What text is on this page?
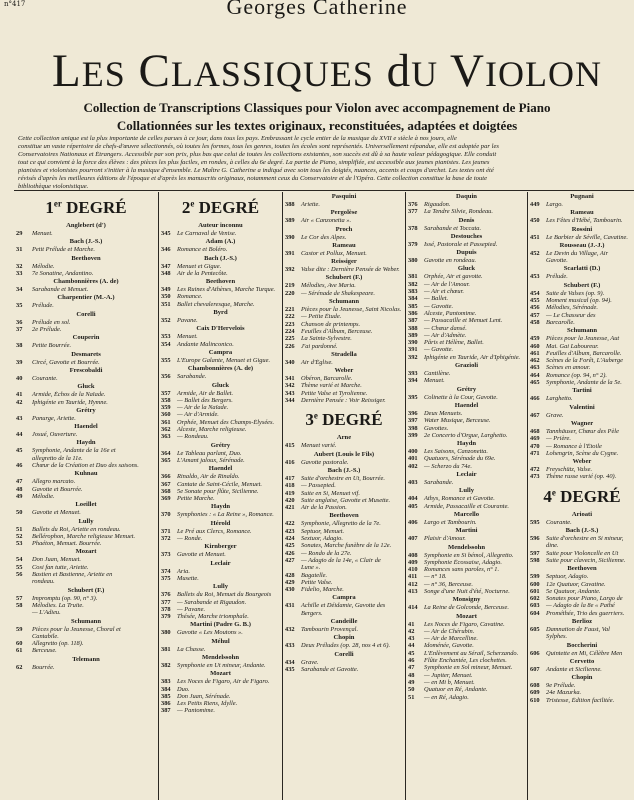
n°417	Georges Catherine
LES CLASSIQUES dU VIOLON
Collection de Transcriptions Classiques pour Violon avec accompagnement de Piano
Collationnées sur les textes originaux, reconstituées, adaptées et doigtées
Cette collection unique est la plus importante de celles parues à ce jour, dans tous les pays. Embrassant le cycle entier de la musique du XVII e siècle à nos jours, elle
constitue un vaste répertoire de chefs-d'œuvre sélectionnés, où toutes les formes, tous les genres, toutes les écoles sont représentés. Universellement répandue, elle est adoptée par les
Conservatoires Nationaux et Étrangers. Accessible par son prix, plus bas que celui de toutes les collections existantes, son succès est dû à sa haute valeur pédagogique. Elle conduit
tout ce qui convient à la force des élèves : des pièces les plus faciles, en rondes, à celles du 6e degré. La partie de Piano, simplifiée, est accessible aux jeunes pianistes. Les jeunes
pianistes et violonistes pourront s'initier à la musique d'ensemble. Le Maître G. Catherine a indiqué avec soin tous les doigtés, nuances, accents et coups d'archet. Les textes ont été
révisés d'après les meilleures éditions de l'époque et d'après les manuscrits originaux, notamment ceux du Conservatoire et de l'Opéra. Cette collection constitue la base de toute
bibliothèque violonistique.
1er DEGRÉ
Anglebert (d')
29 Menuet.
Bach (J.-S.)
31 Petit Prélude et Marche.
Beethoven
32 Mélodie.
33 7e Sonatine, Andantino.
Chambonnières (A. de)
34 Sarabande et Menuet.
Charpentier (M.-A.)
35 Prélude.
Corelli
36 Prélude en sol.
37 2e Prélude.
Couperin
38 Petite Bourrée.
Desmarets
39 Circé, Gavotte et Bourrée.
Frescobaldi
40 Courante.
Gluck
41 Armide, Échos de la Naïade.
42 Iphigénie en Tauride, Hymne.
Grétry
43 Panurge, Ariette.
Haendel
44 Josué, Ouverture.
Haydn
45 Symphonie, Andante de la 16e et
allegretto de la 11e.
46 Chœur de la Création et Duo des saisons.
Kuhnau
47 Allegro marcato.
48 Gavotte et Bourrée.
49 Mélodie.
Loeillet
50 Gavotte et Menuet.
Lully
51 Ballets du Roi, Ariette en rondeau.
52 Bellérophon, Marche religieuse Menuet.
53 Phaéton, Menuet. Bourrée.
Mozart
54 Don Juan, Menuet.
55 Cosi fan tutte, Ariette.
56 Bastien et Bastienne, Ariette en
rondeau.
Schubert (F.)
57 Impromptu (op. 90, n° 3).
58 Mélodies. La Truite.
— L'Adieu.
Schumann
59 Pièces pour la Jeunesse, Choral et
Cantabile.
60 Allegretto (op. 118).
61 Berceuse.
Telemann
62 Bourrée.
2e DEGRÉ
Auteur inconnu
345 Le Carnaval de Venise.
Adam (A.)
346 Romance et Boléro.
Bach (J.-S.)
347 Menuet et Gigue.
348 Air de la Pentecôte.
Beethoven
349 Les Ruines d'Athènes, Marche Turque.
350 Romance.
351 Ballet chevaleresque, Marche.
Byrd
352 Pavane.
Caix D'Hervelois
353 Menuet.
354 Andante Malinconico.
Campra
355 L'Europe Galante, Menuet et Gigue.
Chambonnières (A. de)
356 Sarabande.
Gluck
357 Armide, Air de Ballet.
358 — Ballet des Bergers.
359 — Air de la Naïade.
360 — Air d'Armide.
361 Orphée, Menuet des Champs-Élysées.
362 Alceste, Marche religieuse.
363 — Rondeau.
Grétry
364 Le Tableau parlant, Duo.
365 L'Amant jaloux, Sérénade.
Haendel
366 Rinaldo, Air de Rinaldo.
367 Cantate de Saint-Cécile, Menuet.
368 5e Sonate pour flûte, Sicilienne.
369 Petite Marche.
Haydn
370 Symphonies : « La Reine », Romance.
Hérold
371 Le Pré aux Clercs, Romance.
372 — Ronde.
Kirnberger
373 Gavotte et Menuet.
Leclair
374 Aria.
375 Musette.
Lully
376 Ballets du Roi, Menuet du Bourgeois
377 — Sarabande et Rigaudon.
378 — Pavane.
379 Thésée, Marche triomphale.
Martini (Padre G. B.)
380 Gavotte « Les Moutons ».
Méhul
381 La Chasse.
Mendelssohn
382 Symphonie en Ut mineur, Andante.
Mozart
383 Les Noces de Figaro, Air de Figaro.
384 Duo.
385 Don Juan, Sérénade.
386 Les Petits Riens, Idylle.
387 — Pantomime.
Pasquini
388 Ariette.
Pergolèse
389 Air « Canzonetta ».
Proch
390 Le Cor des Alpes.
Rameau
391 Castor et Pollux, Menuet.
Reissiger
392 Valse dite : Dernière Pensée de Weber.
Schubert (F.)
219 Mélodies, Ave Maria.
220 — Sérénade de Shakespeare.
Schumann
221 Pièces pour la Jeunesse, Saint Nicolas.
222 — Petite Étude.
223 Chanson de printemps.
224 Feuilles d'Album, Berceuse.
225 La Sainte-Sylvestre.
226 J'ai pardonné.
Stradella
340 Air d'Église.
Weber
341 Obéron, Barcarolle.
342 Thème varié et Marche.
343 Petite Valse et Tyrolienne.
344 Dernière Pensée : Voir Reissiger.
3e DEGRÉ
Arne
415 Menuet varié.
Aubert (Louis le Fils)
416 Gavotte pastorale.
Bach (J.-S.)
417 Suite d'orchestre en Ut, Bourrée.
418 — Passepied.
419 Suite en Si, Menuet vif.
420 Suite anglaise, Gavotte et Musette.
421 Air de la Passion.
Beethoven
422 Symphonie, Allegretto de la 7e.
423 Septuor, Menuet.
424 Sextuor, Adagio.
425 Sonates, Marche funèbre de la 12e.
426 — Rondo de la 27e.
427 — Adagio de la 14e, « Clair de
Lune ».
428 Bagatelle.
429 Petite Valse.
430 Fidelio, Marche.
Campra
431 Achille et Déidamie, Gavotte des
Bergers.
Candeille
432 Tambourin Provençal.
Chopin
433 Deux Préludes (op. 28, nos 4 et 6).
Corelli
434 Grave.
435 Sarabande et Gavotte.
Daquin
376 Rigaudon.
377 La Tendre Silvie, Rondeau.
Denis
378 Sarabande et Toccata.
Destouches
379 Issé, Pastorale et Passepied.
Dupuis
380 Gavotte en rondeau.
Gluck
381 Orphée, Air et gavotte.
382 — Air de l'Amour.
383 — Air et chœur.
384 — Ballet.
385 — Gavotte.
386 Alceste, Pantomime.
387 — Passacaille et Menuet Lent.
388 — Chœur dansé.
389 — Air d'Admète.
390 Pâris et Hélène, Ballet.
391 — Gavotte.
392 Iphigénie en Tauride, Air d'Iphigénie.
Grazioli
393 Cantilène.
394 Menuet.
Grétry
395 Colinette à la Cour, Gavotte.
Haendel
396 Deux Menuets.
397 Water Musique, Berceuse.
398 Gavottes.
399 2e Concerto d'Orgue, Larghetto.
Haydn
400 Les Saisons, Canzonetta.
401 Quatuors, Sérénade du 69e.
402 — Scherzo du 74e.
Leclair
403 Sarabande.
Lully
404 Athys, Romance et Gavotte.
405 Armide, Passacaille et Courante.
Marcello
406 Largo et Tambourin.
Martini
407 Plaisir d'Amour.
Mendelssohn
408 Symphonie en Si bémol, Allegretto.
409 Symphonie Écossaise, Adagio.
410 Romances sans paroles, n° 1.
411 — n° 18.
412 — n° 36, Berceuse.
413 Songe d'une Nuit d'été, Nocturne.
Monsigny
414 La Reine de Golconde, Berceuse.
Mozart
41 Les Noces de Figaro, Cavatine.
42 — Air de Chérubin.
43 — Air de Marcelline.
44 Idoménée, Gavotte.
45 L'Enlèvement au Sérail, Scherzando.
46 Flûte Enchantée, Les clochettes.
47 Symphonie en Sol mineur, Menuet.
48 — Jupiter, Menuet.
49 — en Mi b, Menuet.
50 Quatuor en Ré, Andante.
51 — en Ré, Adagio.
Pugnani
449 Largo.
Rameau
450 Les Fêtes d'Hébé, Tambourin.
Rossini
451 Le Barbier de Séville, Cavatine.
Rousseau (J.-J.)
452 Le Devin du Village, Air
Gavotte.
Scarlatti (D.)
453 Prélude.
Schubert (F.)
454 Suite de Valses (op. 9).
455 Moment musical (op. 94).
456 Mélodies, Sérénade.
457 — Le Chasseur des
458 Barcarolle.
Schumann
459 Pièces pour la Jeunesse, Aut
460 Mai. Gai Laboureur.
461 Feuilles d'Album, Barcarolle.
462 Scènes de la Forêt, L'Auberge
463 Scènes en amour.
464 Romance (op. 94, n° 2).
465 Symphonie, Andante de la 5e.
Tartini
466 Larghetto.
Valentini
467 Grave.
Wagner
468 Tannhäuser, Chœur des Pèle
469 — Prière.
470 — Romance à l'Étoile
471 Lohengrin, Scène du Cygne.
Weber
472 Freyschütz, Valse.
473 Thème russe varié (op. 40).
4e DEGRÉ
Arioati
595 Courante.
Bach (J.-S.)
596 Suite d'orchestre en Si mineur,
dine.
597 Suite pour Violoncelle en Ut
598 Suite pour clavecin, Sicilienne.
Beethoven
599 Septuor, Adagio.
600 12e Quatuor, Cavatine.
601 5e Quatuor, Andante.
602 Sonates pour Piano, Largo de
603 — Adagio de la 8e « Pathé
604 Prométhée, Trio des guerriers.
Berlioz
605 Damnation de Faust, Val
Sylphes.
Boccherini
606 Quintette en Mi, Célèbre Men
Cervetto
607 Andante et Sicilienne.
Chopin
608 9e Prélude.
609 24e Mazurka.
610 Tristesse, Édition facilitée.
